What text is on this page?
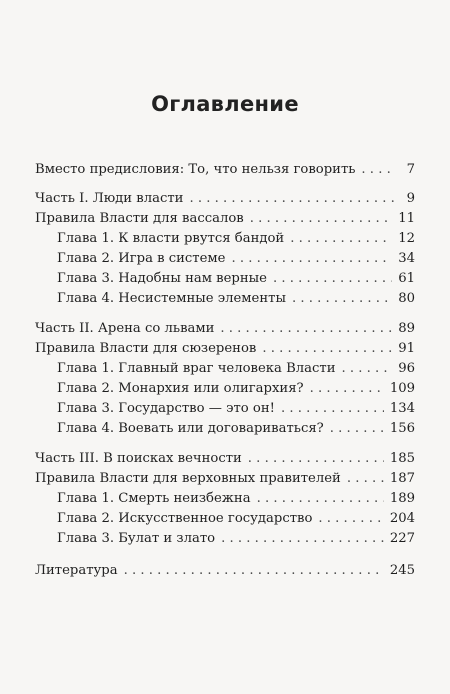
Оглавление
Вместо предисловия: То, что нельзя говорить . . .	7
Часть I. Люди власти . . .	9
Правила Власти для вассалов . . .	11
Глава 1. К власти рвутся бандой . . .	12
Глава 2. Игра в системе . . .	34
Глава 3. Надобны нам верные . . .	61
Глава 4. Несистемные элементы . . .	80
Часть II. Арена со львами . . .	89
Правила Власти для сюзеренов . . .	91
Глава 1. Главный враг человека Власти . . .	96
Глава 2. Монархия или олигархия? . . .	109
Глава 3. Государство — это он! . . .	134
Глава 4. Воевать или договариваться? . . .	156
Часть III. В поисках вечности . . .	185
Правила Власти для верховных правителей . . .	187
Глава 1. Смерть неизбежна . . .	189
Глава 2. Искусственное государство . . .	204
Глава 3. Булат и злато . . .	227
Литература . . .	245
